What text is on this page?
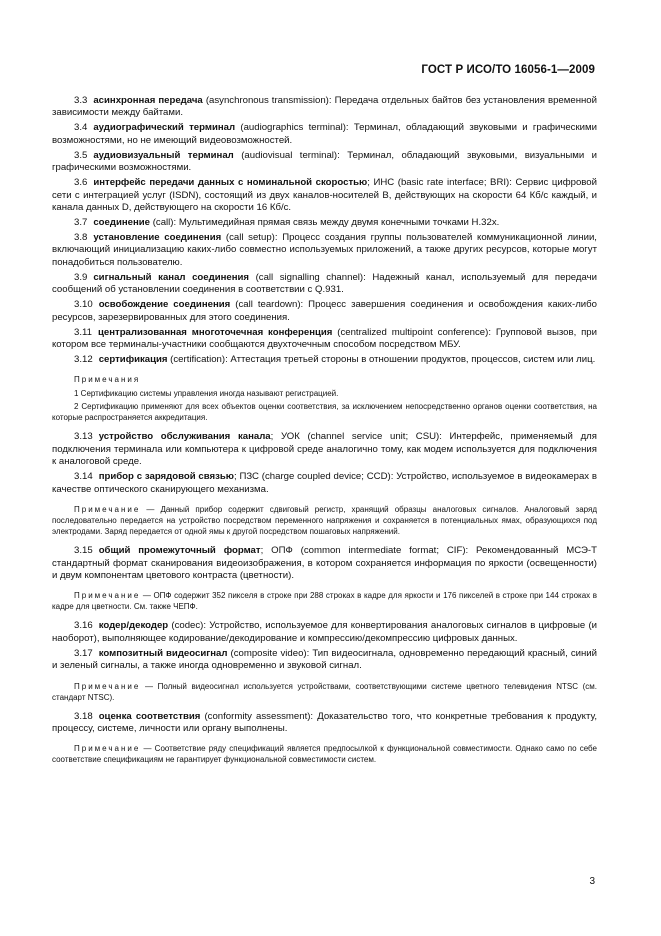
ГОСТ Р ИСО/ТО 16056-1—2009

3.3 асинхронная передача (asynchronous transmission): Передача отдельных байтов без установления временной зависимости между байтами.

3.4 аудиографический терминал (audiographics terminal): Терминал, обладающий звуковыми и графическими возможностями, но не имеющий видеовозможностей.

3.5 аудиовизуальный терминал (audiovisual terminal): Терминал, обладающий звуковыми, визуальными и графическими возможностями.

3.6 интерфейс передачи данных с номинальной скоростью; ИНС (basic rate interface; BRI): Сервис цифровой сети с интеграцией услуг (ISDN), состоящий из двух каналов-носителей B, действующих на скорости 64 Кб/с каждый, и канала данных D, действующего на скорости 16 Кб/с.

3.7 соединение (call): Мультимедийная прямая связь между двумя конечными точками H.32x.

3.8 установление соединения (call setup): Процесс создания группы пользователей коммуникационной линии, включающий инициализацию каких-либо совместно используемых приложений, а также других ресурсов, которые могут понадобиться пользователю.

3.9 сигнальный канал соединения (call signalling channel): Надежный канал, используемый для передачи сообщений об установлении соединения в соответствии с Q.931.

3.10 освобождение соединения (call teardown): Процесс завершения соединения и освобождения каких-либо ресурсов, зарезервированных для этого соединения.

3.11 централизованная многоточечная конференция (centralized multipoint conference): Групповой вызов, при котором все терминалы-участники сообщаются двухточечным способом посредством МБУ.

3.12 сертификация (certification): Аттестация третьей стороны в отношении продуктов, процессов, систем или лиц.

Примечания

1 Сертификацию системы управления иногда называют регистрацией.

2 Сертификацию применяют для всех объектов оценки соответствия, за исключением непосредственно органов оценки соответствия, на которые распространяется аккредитация.

3.13 устройство обслуживания канала; УОК (channel service unit; CSU): Интерфейс, применяемый для подключения терминала или компьютера к цифровой среде аналогично тому, как модем используется для подключения к аналоговой среде.

3.14 прибор с зарядовой связью; ПЗС (charge coupled device; CCD): Устройство, используемое в видеокамерах в качестве оптического сканирующего механизма.

Примечание — Данный прибор содержит сдвиговый регистр, хранящий образцы аналоговых сигналов. Аналоговый заряд последовательно передается на устройство посредством переменного напряжения и сохраняется в потенциальных ямах, образующихся под электродами. Заряд передается от одной ямы к другой посредством пошаговых напряжений.

3.15 общий промежуточный формат; ОПФ (common intermediate format; CIF): Рекомендованный МСЭ-Т стандартный формат сканирования видеоизображения, в котором сохраняется информация по яркости (освещенности) и двум компонентам цветового контраста (цветности).

Примечание — ОПФ содержит 352 пикселя в строке при 288 строках в кадре для яркости и 176 пикселей в строке при 144 строках в кадре для цветности. См. также ЧЕПФ.

3.16 кодер/декодер (codec): Устройство, используемое для конвертирования аналоговых сигналов в цифровые (и наоборот), выполняющее кодирование/декодирование и компрессию/декомпрессию цифровых данных.

3.17 композитный видеосигнал (composite video): Тип видеосигнала, одновременно передающий красный, синий и зеленый сигналы, а также иногда одновременно и звуковой сигнал.

Примечание — Полный видеосигнал используется устройствами, соответствующими системе цветного телевидения NTSC (см. стандарт NTSC).

3.18 оценка соответствия (conformity assessment): Доказательство того, что конкретные требования к продукту, процессу, системе, личности или органу выполнены.

Примечание — Соответствие ряду спецификаций является предпосылкой к функциональной совместимости. Однако само по себе соответствие спецификациям не гарантирует функциональной совместимости систем.

3
